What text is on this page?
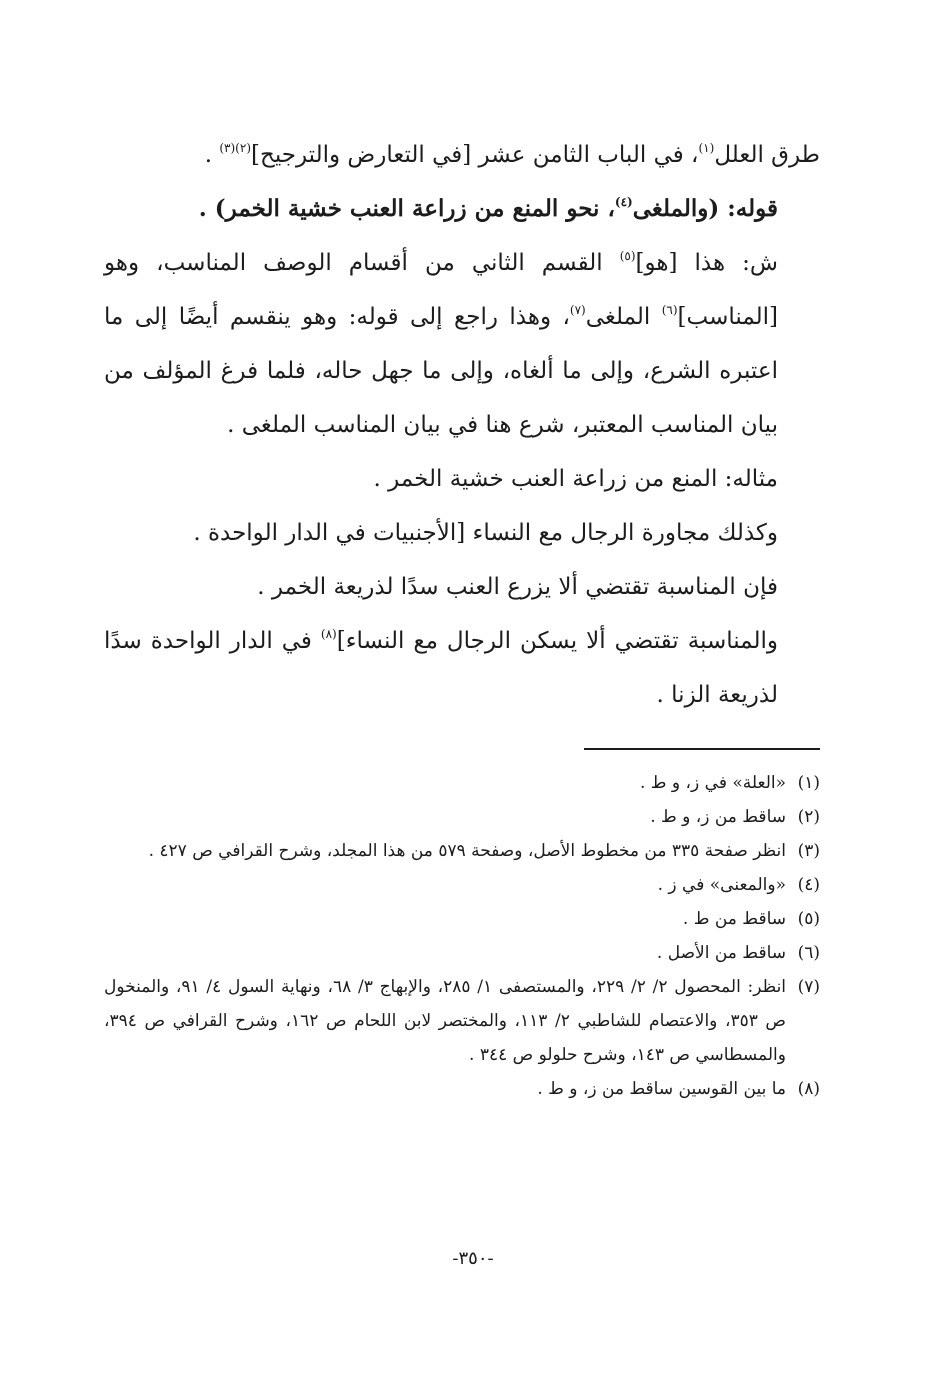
طرق العلل$^{(١)}$، في الباب الثامن عشر [في التعارض والترجيح]$^{(٢)(٣)}$ .

قوله: (والملغى$^{(٤)}$، نحو المنع من زراعة العنب خشية الخمر) .

ش: هذا [هو]$^{(٥)}$ القسم الثاني من أقسام الوصف المناسب، وهو [المناسب]$^{(٦)}$ الملغى$^{(٧)}$، وهذا راجع إلى قوله: وهو ينقسم أيضًا إلى ما اعتبره الشرع، وإلى ما ألغاه، وإلى ما جهل حاله، فلما فرغ المؤلف من بيان المناسب المعتبر، شرع هنا في بيان المناسب الملغى .

مثاله: المنع من زراعة العنب خشية الخمر .

وكذلك مجاورة الرجال مع النساء [الأجنبيات في الدار الواحدة .

فإن المناسبة تقتضي ألا يزرع العنب سدًا لذريعة الخمر .

والمناسبة تقتضي ألا يسكن الرجال مع النساء]$^{(٨)}$ في الدار الواحدة سدًا لذريعة الزنا .

(١)
«العلة» في ز، و ط .
(٢)
ساقط من ز، و ط .
(٣)
انظر صفحة ٣٣٥ من مخطوط الأصل، وصفحة ٥٧٩ من هذا المجلد، وشرح القرافي ص ٤٢٧ .
(٤)
«والمعنى» في ز .
(٥)
ساقط من ط .
(٦)
ساقط من الأصل .
(٧)
انظر: المحصول ٢/ ٢/ ٢٢٩، والمستصفى ١/ ٢٨٥، والإبهاج ٣/ ٦٨، ونهاية السول ٤/ ٩١، والمنخول ص ٣٥٣، والاعتصام للشاطبي ٢/ ١١٣، والمختصر لابن اللحام ص ١٦٢، وشرح القرافي ص ٣٩٤، والمسطاسي ص ١٤٣، وشرح حلولو ص ٣٤٤ .
(٨)
ما بين القوسين ساقط من ز، و ط .
-٣٥٠-
